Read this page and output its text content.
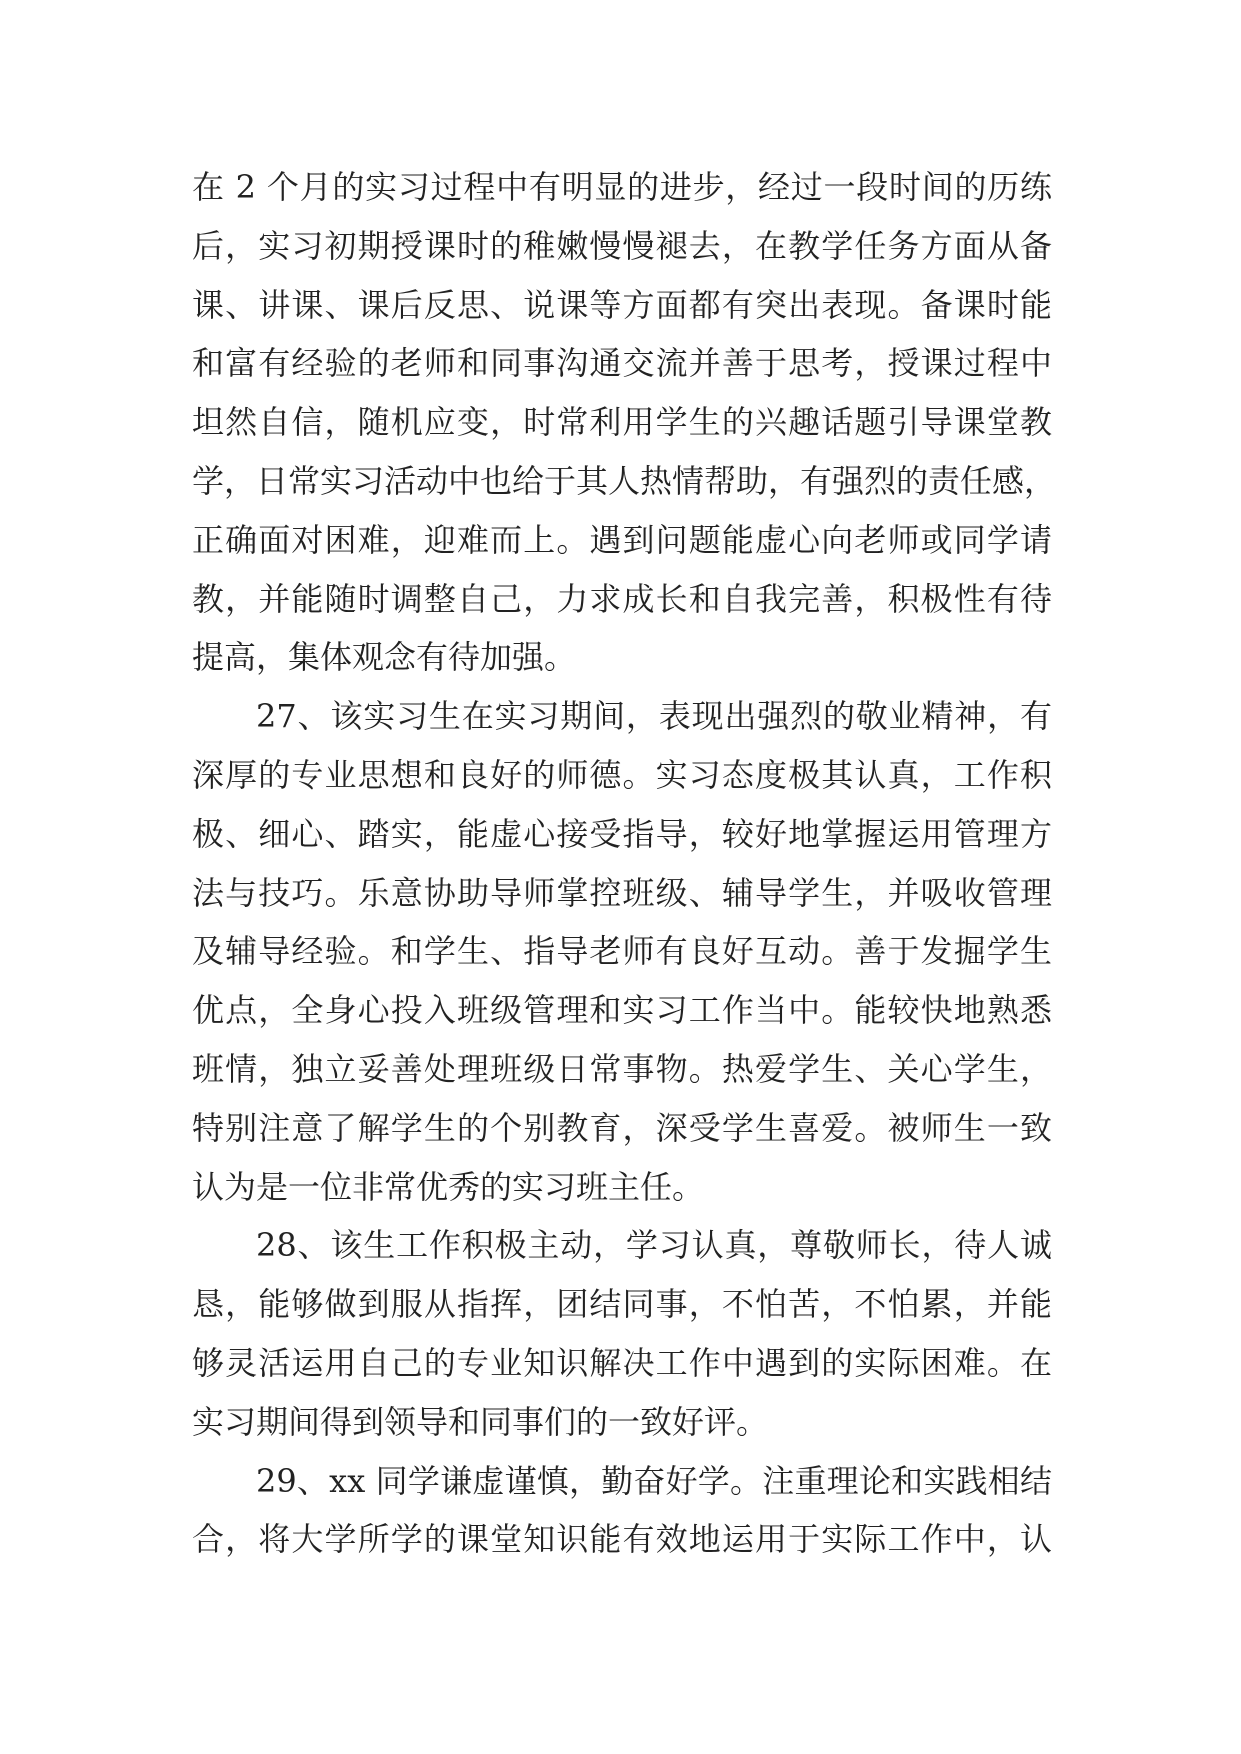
在 2 个月的实习过程中有明显的进步，经过一段时间的历练
后，实习初期授课时的稚嫩慢慢褪去，在教学任务方面从备
课、讲课、课后反思、说课等方面都有突出表现。备课时能
和富有经验的老师和同事沟通交流并善于思考，授课过程中
坦然自信，随机应变，时常利用学生的兴趣话题引导课堂教
学，日常实习活动中也给于其人热情帮助，有强烈的责任感，
正确面对困难，迎难而上。遇到问题能虚心向老师或同学请
教，并能随时调整自己，力求成长和自我完善，积极性有待
提高，集体观念有待加强。
27、该实习生在实习期间，表现出强烈的敬业精神，有
深厚的专业思想和良好的师德。实习态度极其认真，工作积
极、细心、踏实，能虚心接受指导，较好地掌握运用管理方
法与技巧。乐意协助导师掌控班级、辅导学生，并吸收管理
及辅导经验。和学生、指导老师有良好互动。善于发掘学生
优点，全身心投入班级管理和实习工作当中。能较快地熟悉
班情，独立妥善处理班级日常事物。热爱学生、关心学生，
特别注意了解学生的个别教育，深受学生喜爱。被师生一致
认为是一位非常优秀的实习班主任。
28、该生工作积极主动，学习认真，尊敬师长，待人诚
恳，能够做到服从指挥，团结同事，不怕苦，不怕累，并能
够灵活运用自己的专业知识解决工作中遇到的实际困难。在
实习期间得到领导和同事们的一致好评。
29、xx 同学谦虚谨慎，勤奋好学。注重理论和实践相结
合，将大学所学的课堂知识能有效地运用于实际工作中，认
